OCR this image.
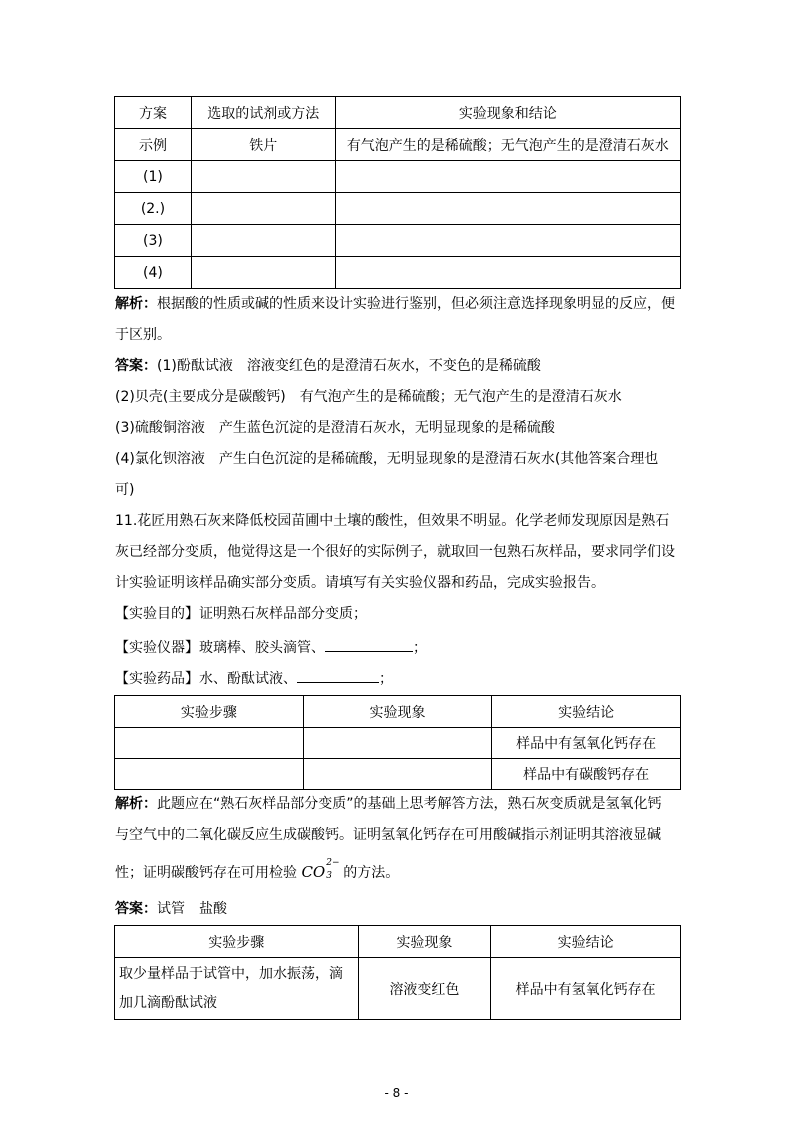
方案	选取的试剂或方法	实验现象和结论
示例	铁片	有气泡产生的是稀硫酸；无气泡产生的是澄清石灰水
(1)		
(2.)		
(3)		
(4)		
解析：根据酸的性质或碱的性质来设计实验进行鉴别，但必须注意选择现象明显的反应，便
于区别。
答案：(1)酚酞试液　溶液变红色的是澄清石灰水，不变色的是稀硫酸
(2)贝壳(主要成分是碳酸钙)　有气泡产生的是稀硫酸；无气泡产生的是澄清石灰水
(3)硫酸铜溶液　产生蓝色沉淀的是澄清石灰水，无明显现象的是稀硫酸
(4)氯化钡溶液　产生白色沉淀的是稀硫酸，无明显现象的是澄清石灰水(其他答案合理也
可)
11.花匠用熟石灰来降低校园苗圃中土壤的酸性，但效果不明显。化学老师发现原因是熟石
灰已经部分变质，他觉得这是一个很好的实际例子，就取回一包熟石灰样品，要求同学们设
计实验证明该样品确实部分变质。请填写有关实验仪器和药品，完成实验报告。
【实验目的】证明熟石灰样品部分变质；
【实验仪器】玻璃棒、胶头滴管、	；
【实验药品】水、酚酞试液、	；
实验步骤	实验现象	实验结论
		样品中有氢氧化钙存在
		样品中有碳酸钙存在
解析：此题应在“熟石灰样品部分变质”的基础上思考解答方法，熟石灰变质就是氢氧化钙
与空气中的二氧化碳反应生成碳酸钙。证明氢氧化钙存在可用酸碱指示剂证明其溶液显碱
性；证明碳酸钙存在可用检验 CO 2−
3 的方法。
答案：试管　盐酸
实验步骤	实验现象	实验结论

取少量样品于试管中，加水振荡，滴
加几滴酚酞试液	溶液变红色	样品中有氢氧化钙存在
- 8 -
